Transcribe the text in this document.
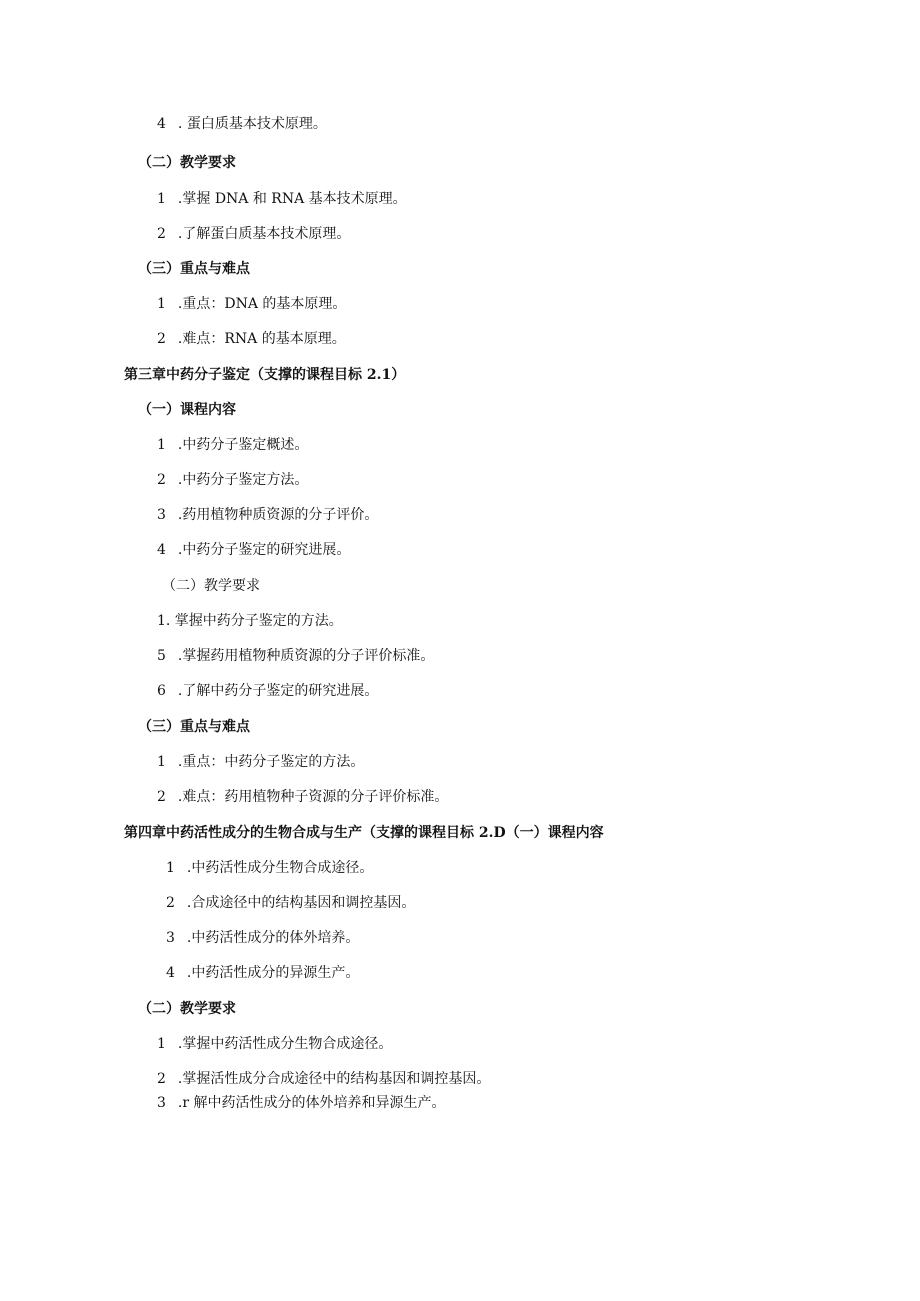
4 . 蛋白质基本技术原理。
（二）教学要求
1 .掌握 DNA 和 RNA 基本技术原理。
2 .了解蛋白质基本技术原理。
（三）重点与难点
1 .重点：DNA 的基本原理。
2 .难点：RNA 的基本原理。
第三章中药分子鉴定（支撑的课程目标 2.1）
（一）课程内容
1 .中药分子鉴定概述。
2 .中药分子鉴定方法。
3 .药用植物种质资源的分子评价。
4 .中药分子鉴定的研究进展。
（二）教学要求
1. 掌握中药分子鉴定的方法。
5 .掌握药用植物种质资源的分子评价标准。
6 .了解中药分子鉴定的研究进展。
（三）重点与难点
1 .重点：中药分子鉴定的方法。
2 .难点：药用植物种子资源的分子评价标准。
第四章中药活性成分的生物合成与生产（支撑的课程目标 2.D（一）课程内容
1 .中药活性成分生物合成途径。
2 .合成途径中的结构基因和调控基因。
3 .中药活性成分的体外培养。
4 .中药活性成分的异源生产。
（二）教学要求
1 .掌握中药活性成分生物合成途径。
2 .掌握活性成分合成途径中的结构基因和调控基因。
3 .r 解中药活性成分的体外培养和异源生产。
